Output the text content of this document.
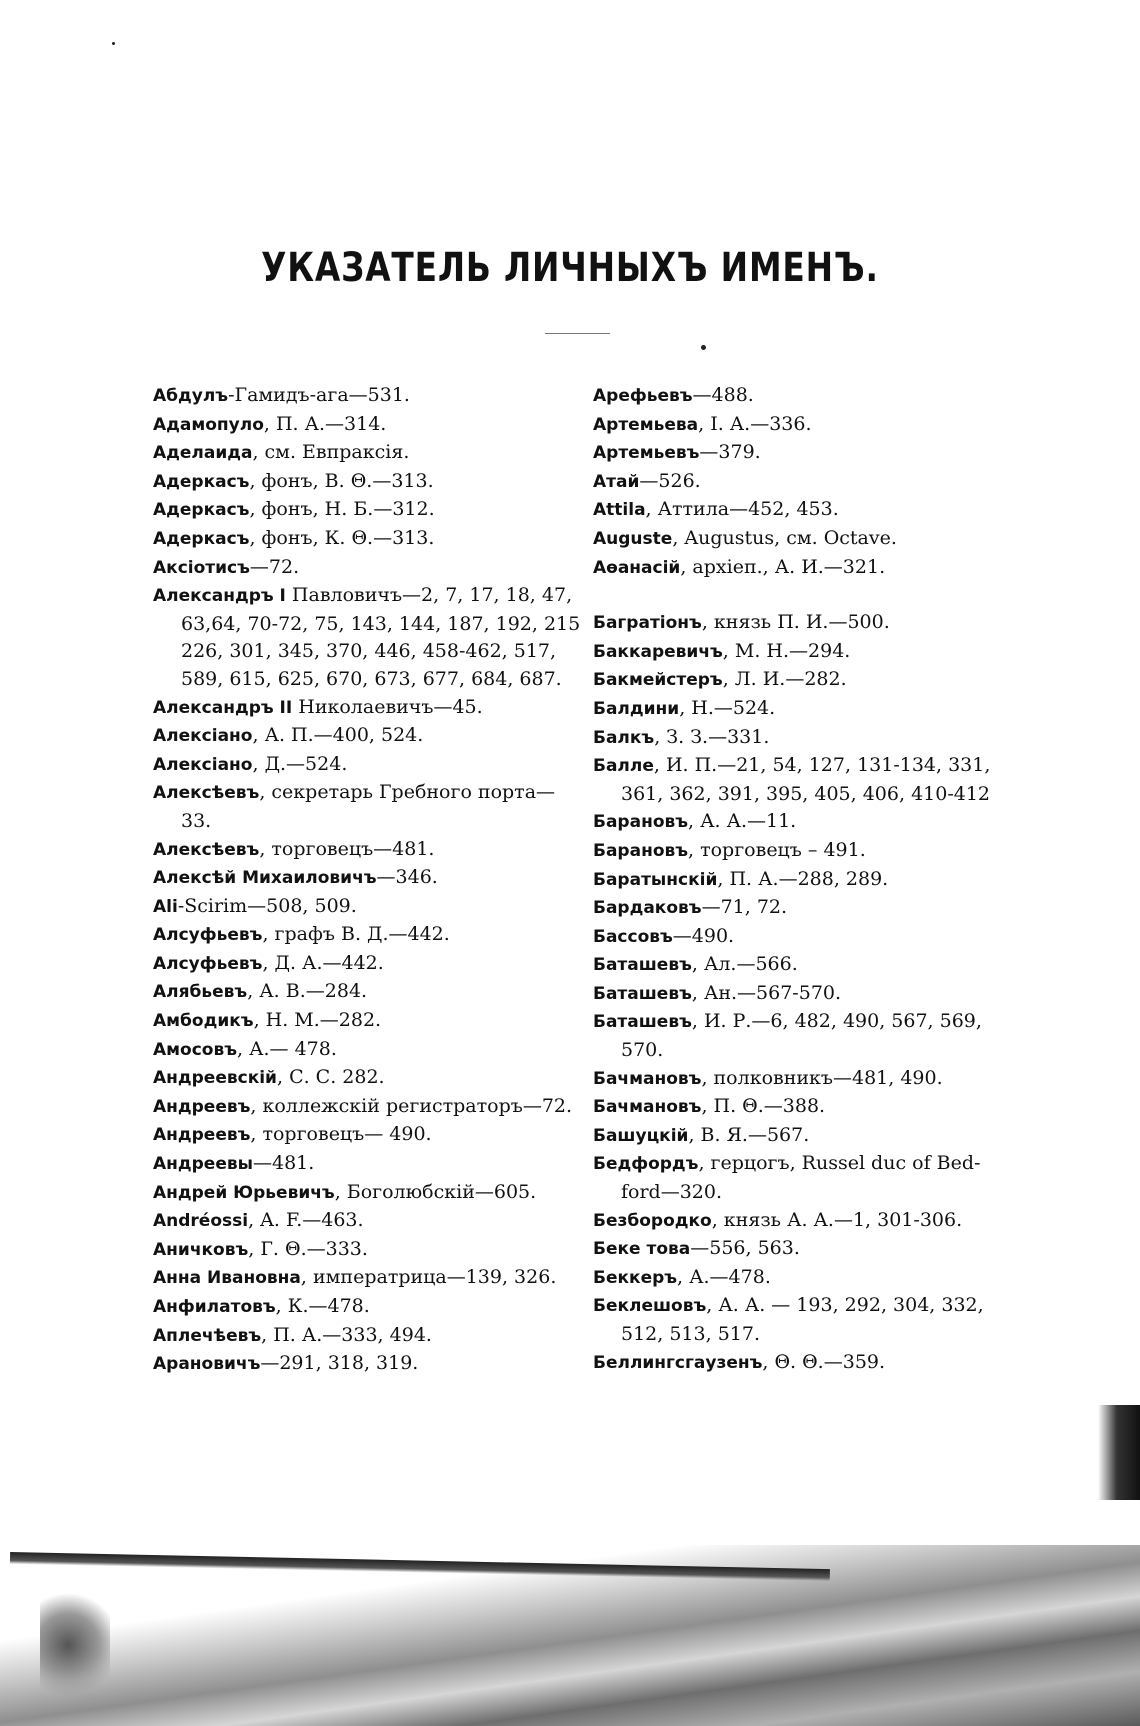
УКАЗАТЕЛЬ ЛИЧНЫХЪ ИМЕНЪ.
Абдулъ-Гамидъ-ага—531.
Адамопуло, П. А.—314.
Аделаида, см. Евпраксія.
Адеркасъ, фонъ, В. Θ.—313.
Адеркасъ, фонъ, Н. Б.—312.
Адеркасъ, фонъ, К. Θ.—313.
Аксіотисъ—72.
Александръ I Павловичъ—2, 7, 17, 18, 47,
63,64, 70-72, 75, 143, 144, 187, 192, 215
226, 301, 345, 370, 446, 458-462, 517,
589, 615, 625, 670, 673, 677, 684, 687.
Александръ II Николаевичъ—45.
Алексіано, А. П.—400, 524.
Алексіано, Д.—524.
Алексѣевъ, секретарь Гребного порта—
33.
Алексѣевъ, торговецъ—481.
Алексѣй Михаиловичъ—346.
Ali-Scirim—508, 509.
Алсуфьевъ, графъ В. Д.—442.
Алсуфьевъ, Д. А.—442.
Алябьевъ, А. В.—284.
Амбодикъ, Н. М.—282.
Амосовъ, А.— 478.
Андреевскій, С. С. 282.
Андреевъ, коллежскій регистраторъ—72.
Андреевъ, торговецъ— 490.
Андреевы—481.
Андрей Юрьевичъ, Боголюбскій—605.
Andréossi, A. F.—463.
Аничковъ, Г. Θ.—333.
Анна Ивановна, императрица—139, 326.
Анфилатовъ, К.—478.
Аплечѣевъ, П. А.—333, 494.
Арановичъ—291, 318, 319.
Арефьевъ—488.
Артемьева, І. А.—336.
Артемьевъ—379.
Атай—526.
Attila, Аттила—452, 453.
Auguste, Augustus, см. Octave.
Аѳанасій, архіеп., А. И.—321.
Багратіонъ, князь П. И.—500.
Баккаревичъ, М. Н.—294.
Бакмейстеръ, Л. И.—282.
Балдини, Н.—524.
Балкъ, З. З.—331.
Балле, И. П.—21, 54, 127, 131-134, 331,
361, 362, 391, 395, 405, 406, 410-412
Барановъ, А. А.—11.
Барановъ, торговецъ – 491.
Баратынскій, П. А.—288, 289.
Бардаковъ—71, 72.
Бассовъ—490.
Баташевъ, Ал.—566.
Баташевъ, Ан.—567-570.
Баташевъ, И. Р.—6, 482, 490, 567, 569,
570.
Бачмановъ, полковникъ—481, 490.
Бачмановъ, П. Θ.—388.
Башуцкій, В. Я.—567.
Бедфордъ, герцогъ, Russel duc of Bed-
ford—320.
Безбородко, князь А. А.—1, 301-306.
Беке това—556, 563.
Беккеръ, А.—478.
Беклешовъ, А. А. — 193, 292, 304, 332,
512, 513, 517.
Беллингсгаузенъ, Θ. Θ.—359.
